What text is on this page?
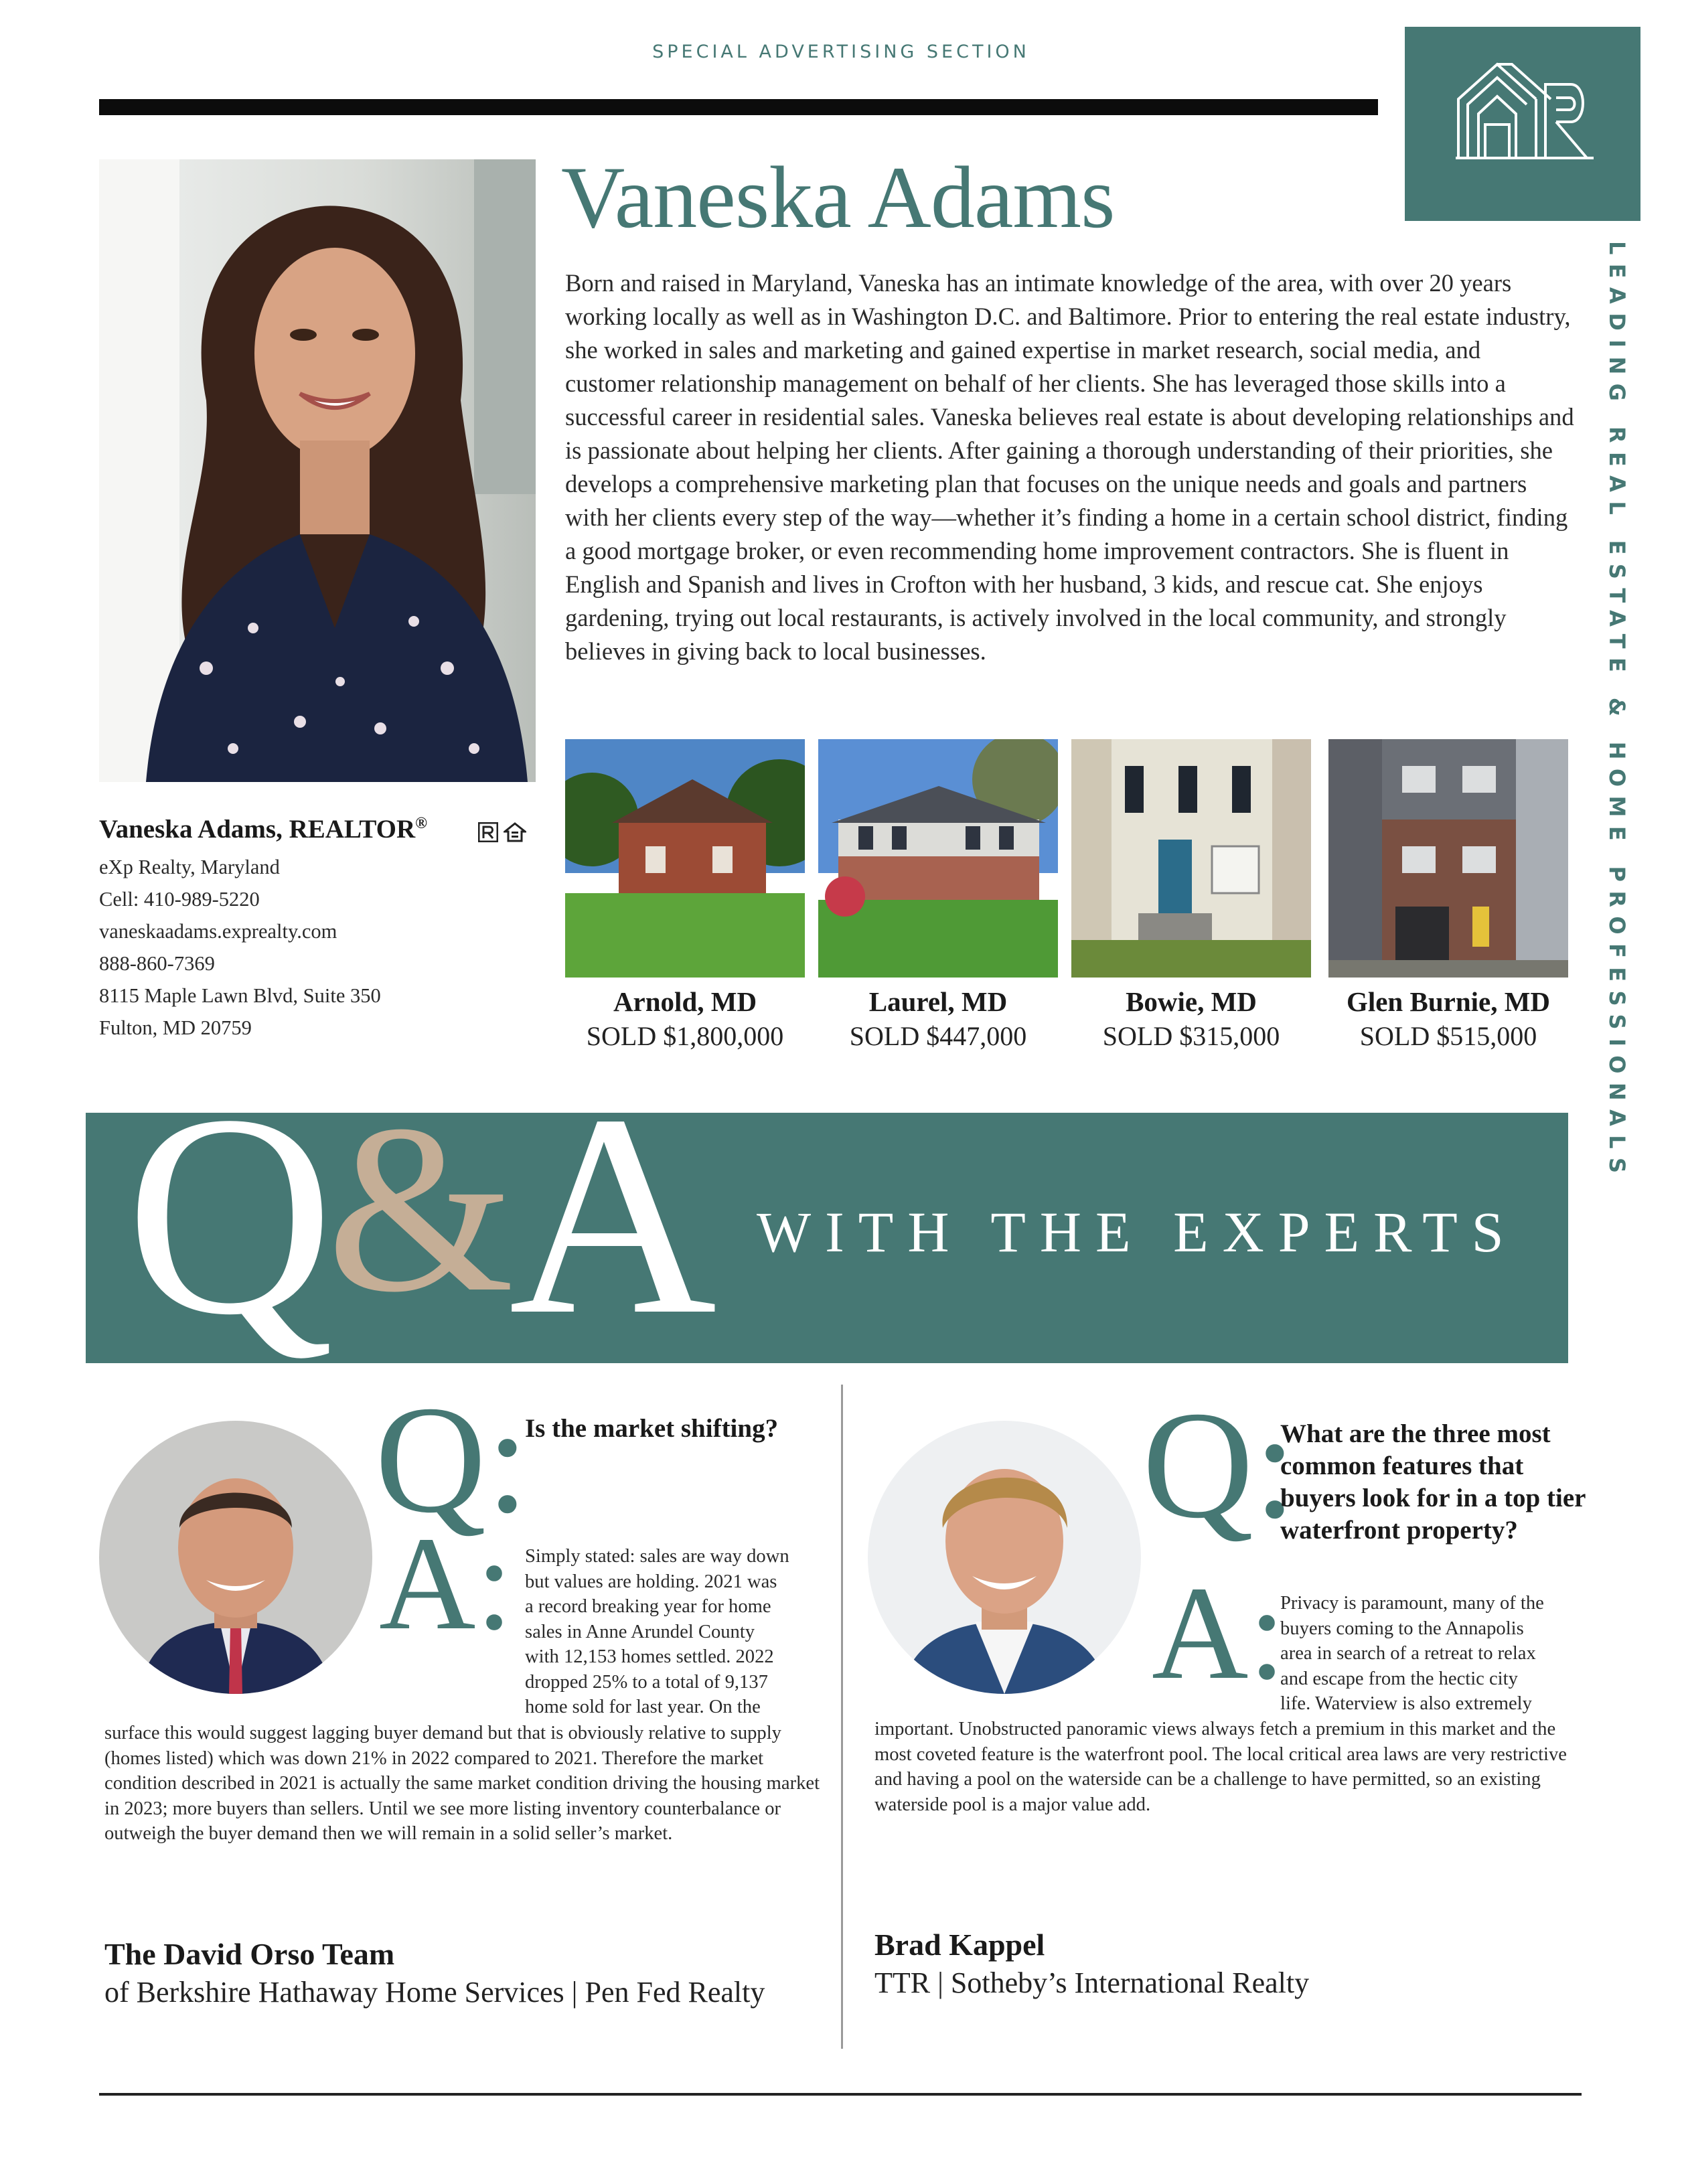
SPECIAL ADVERTISING SECTION
LEADING REAL ESTATE & HOME PROFESSIONALS
Vaneska Adams
Born and raised in Maryland, Vaneska has an intimate knowledge of the area, with over 20 years working locally as well as in Washington D.C. and Baltimore. Prior to entering the real estate industry, she worked in sales and marketing and gained expertise in market research, social media, and customer relationship management on behalf of her clients. She has leveraged those skills into a successful career in residential sales. Vaneska believes real estate is about developing relationships and is passionate about helping her clients. After gaining a thorough understanding of their priorities, she develops a comprehensive marketing plan that focuses on the unique needs and goals and partners with her clients every step of the way—whether it’s finding a home in a certain school district, finding a good mortgage broker, or even recommending home improvement contractors. She is fluent in English and Spanish and lives in Crofton with her husband, 3 kids, and rescue cat. She enjoys gardening, trying out local restaurants, is actively involved in the local community, and strongly believes in giving back to local businesses.
Vaneska Adams, REALTOR®
eXp Realty, Maryland
Cell: 410-989-5220
vaneskaadams.exprealty.com
888-860-7369
8115 Maple Lawn Blvd, Suite 350
Fulton, MD 20759
Arnold, MD
SOLD $1,800,000
Laurel, MD
SOLD $447,000
Bowie, MD
SOLD $315,000
Glen Burnie, MD
SOLD $515,000
Q
&
A WITH THE EXPERTS
Q:
Is the market shifting?
A: Simply stated: sales are way down
but values are holding. 2021 was
a record breaking year for home
sales in Anne Arundel County
with 12,153 homes settled. 2022
dropped 25% to a total of 9,137
home sold for last year. On the
surface this would suggest lagging buyer demand but that is obviously relative to supply (homes listed) which was down 21% in 2022 compared to 2021. Therefore the market condition described in 2021 is actually the same market condition driving the housing market in 2023; more buyers than sellers. Until we see more listing inventory counterbalance or outweigh the buyer demand then we will remain in a solid seller’s market.
The David Orso Team
of Berkshire Hathaway Home Services | Pen Fed Realty
Q:
What are the three most
common features that
buyers look for in a top tier
waterfront property?
A:
Privacy is paramount, many of the
buyers coming to the Annapolis
area in search of a retreat to relax
and escape from the hectic city
life. Waterview is also extremely
important. Unobstructed panoramic views always fetch a premium in this market and the most coveted feature is the waterfront pool. The local critical area laws are very restrictive and having a pool on the waterside can be a challenge to have permitted, so an existing waterside pool is a major value add.
Brad Kappel
TTR | Sotheby’s International Realty
